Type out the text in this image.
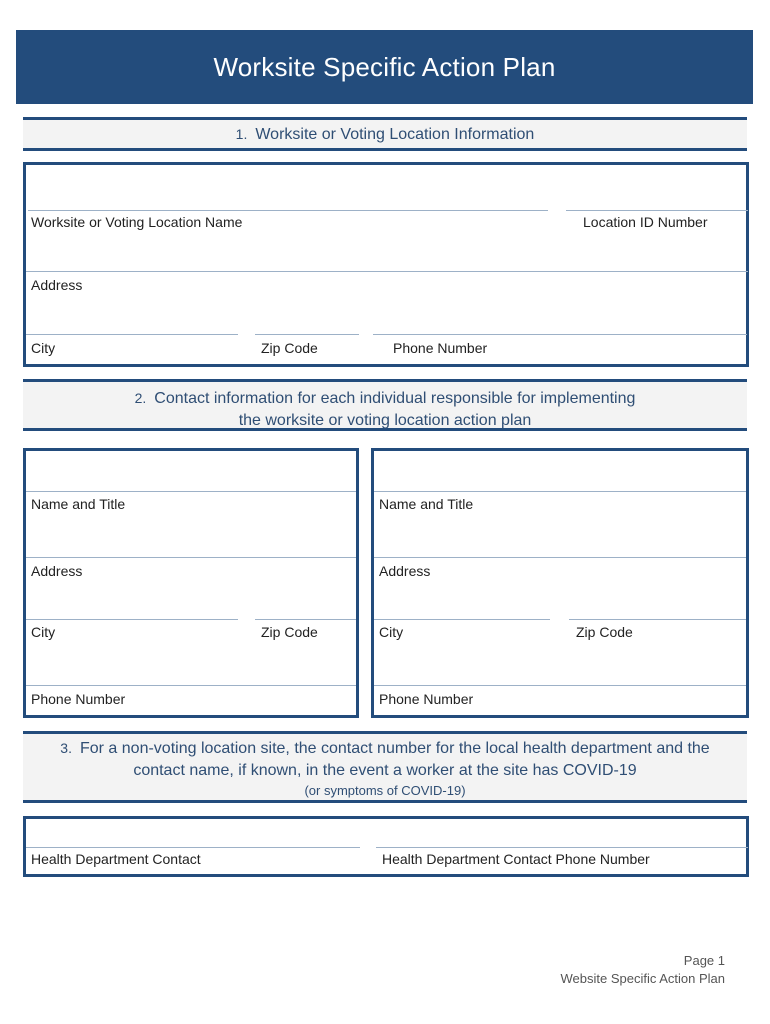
Worksite Specific Action Plan
1. Worksite or Voting Location Information
Worksite or Voting Location Name	Location ID Number
Address
City	Zip Code	Phone Number
2. Contact information for each individual responsible for implementing
the worksite or voting location action plan
Name and Title
Address
City	Zip Code
Phone Number
Name and Title
Address
City	Zip Code
Phone Number
3. For a non-voting location site, the contact number for the local health department and the
contact name, if known, in the event a worker at the site has COVID-19
(or symptoms of COVID-19)
Health Department Contact	Health Department Contact Phone Number
Page 1
Website Specific Action Plan
